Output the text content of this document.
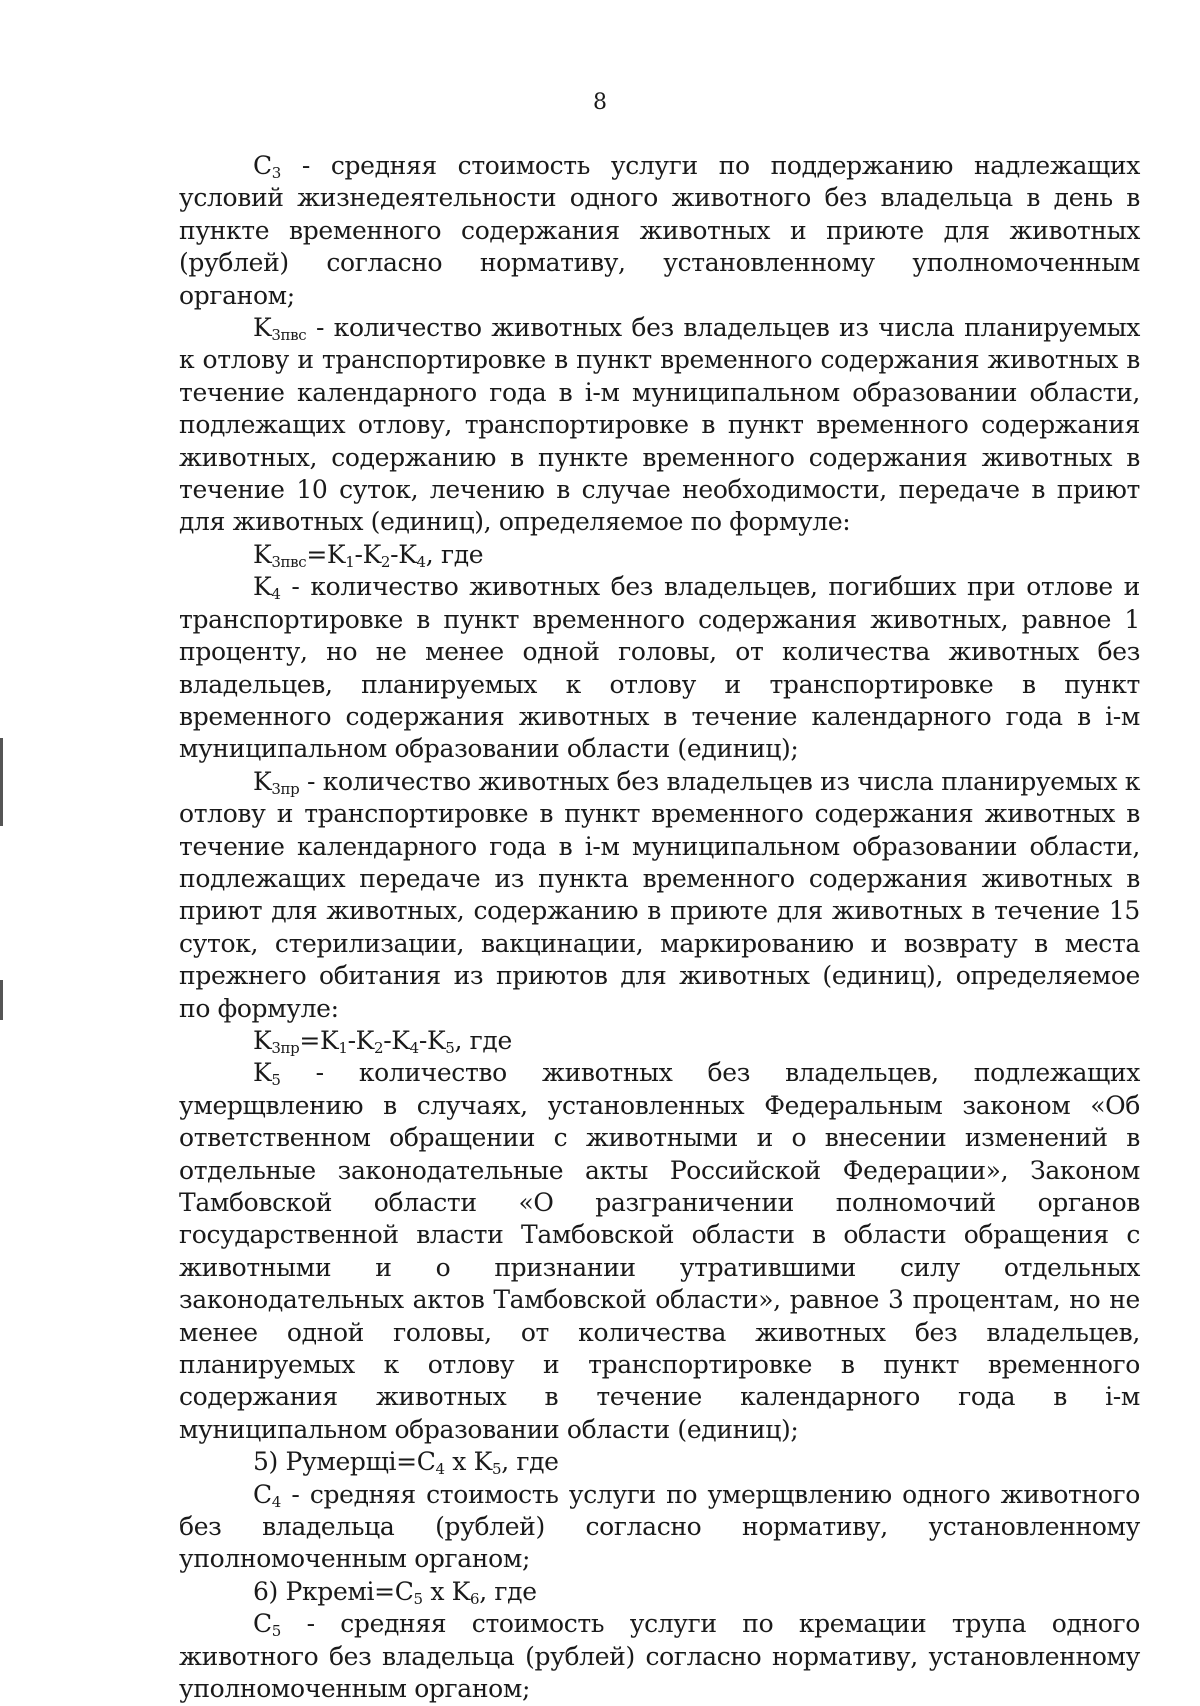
8

$C_3$ - средняя стоимость услуги по поддержанию надлежащих условий жизнедеятельности одного животного без владельца в день в пункте временного содержания животных и приюте для животных (рублей) согласно нормативу, установленному уполномоченным органом;

$K_{3пвс}$ - количество животных без владельцев из числа планируемых к отлову и транспортировке в пункт временного содержания животных в течение календарного года в i-м муниципальном образовании области, подлежащих отлову, транспортировке в пункт временного содержания животных, содержанию в пункте временного содержания животных в течение 10 суток, лечению в случае необходимости, передаче в приют для животных (единиц), определяемое по формуле:

$K_{3пвс}=K_1-K_2-K_4$, где

$K_4$ - количество животных без владельцев, погибших при отлове и транспортировке в пункт временного содержания животных, равное 1 проценту, но не менее одной головы, от количества животных без владельцев, планируемых к отлову и транспортировке в пункт временного содержания животных в течение календарного года в i-м муниципальном образовании области (единиц);

$K_{3пр}$ - количество животных без владельцев из числа планируемых к отлову и транспортировке в пункт временного содержания животных в течение календарного года в i-м муниципальном образовании области, подлежащих передаче из пункта временного содержания животных в приют для животных, содержанию в приюте для животных в течение 15 суток, стерилизации, вакцинации, маркированию и возврату в места прежнего обитания из приютов для животных (единиц), определяемое по формуле:

$K_{3пр}=K_1-K_2-K_4-K_5$, где

$K_5$ - количество животных без владельцев, подлежащих умерщвлению в случаях, установленных Федеральным законом «Об ответственном обращении с животными и о внесении изменений в отдельные законодательные акты Российской Федерации», Законом Тамбовской области «О разграничении полномочий органов государственной власти Тамбовской области в области обращения с животными и о признании утратившими силу отдельных законодательных актов Тамбовской области», равное 3 процентам, но не менее одной головы, от количества животных без владельцев, планируемых к отлову и транспортировке в пункт временного содержания животных в течение календарного года в i-м муниципальном образовании области (единиц);

5) $Pумерщi=C_4$ x $K_5$, где

$C_4$ - средняя стоимость услуги по умерщвлению одного животного без владельца (рублей) согласно нормативу, установленному уполномоченным органом;

6) $Pкремi=C_5$ x $K_6$, где

$C_5$ - средняя стоимость услуги по кремации трупа одного животного без владельца (рублей) согласно нормативу, установленному уполномоченным органом;
